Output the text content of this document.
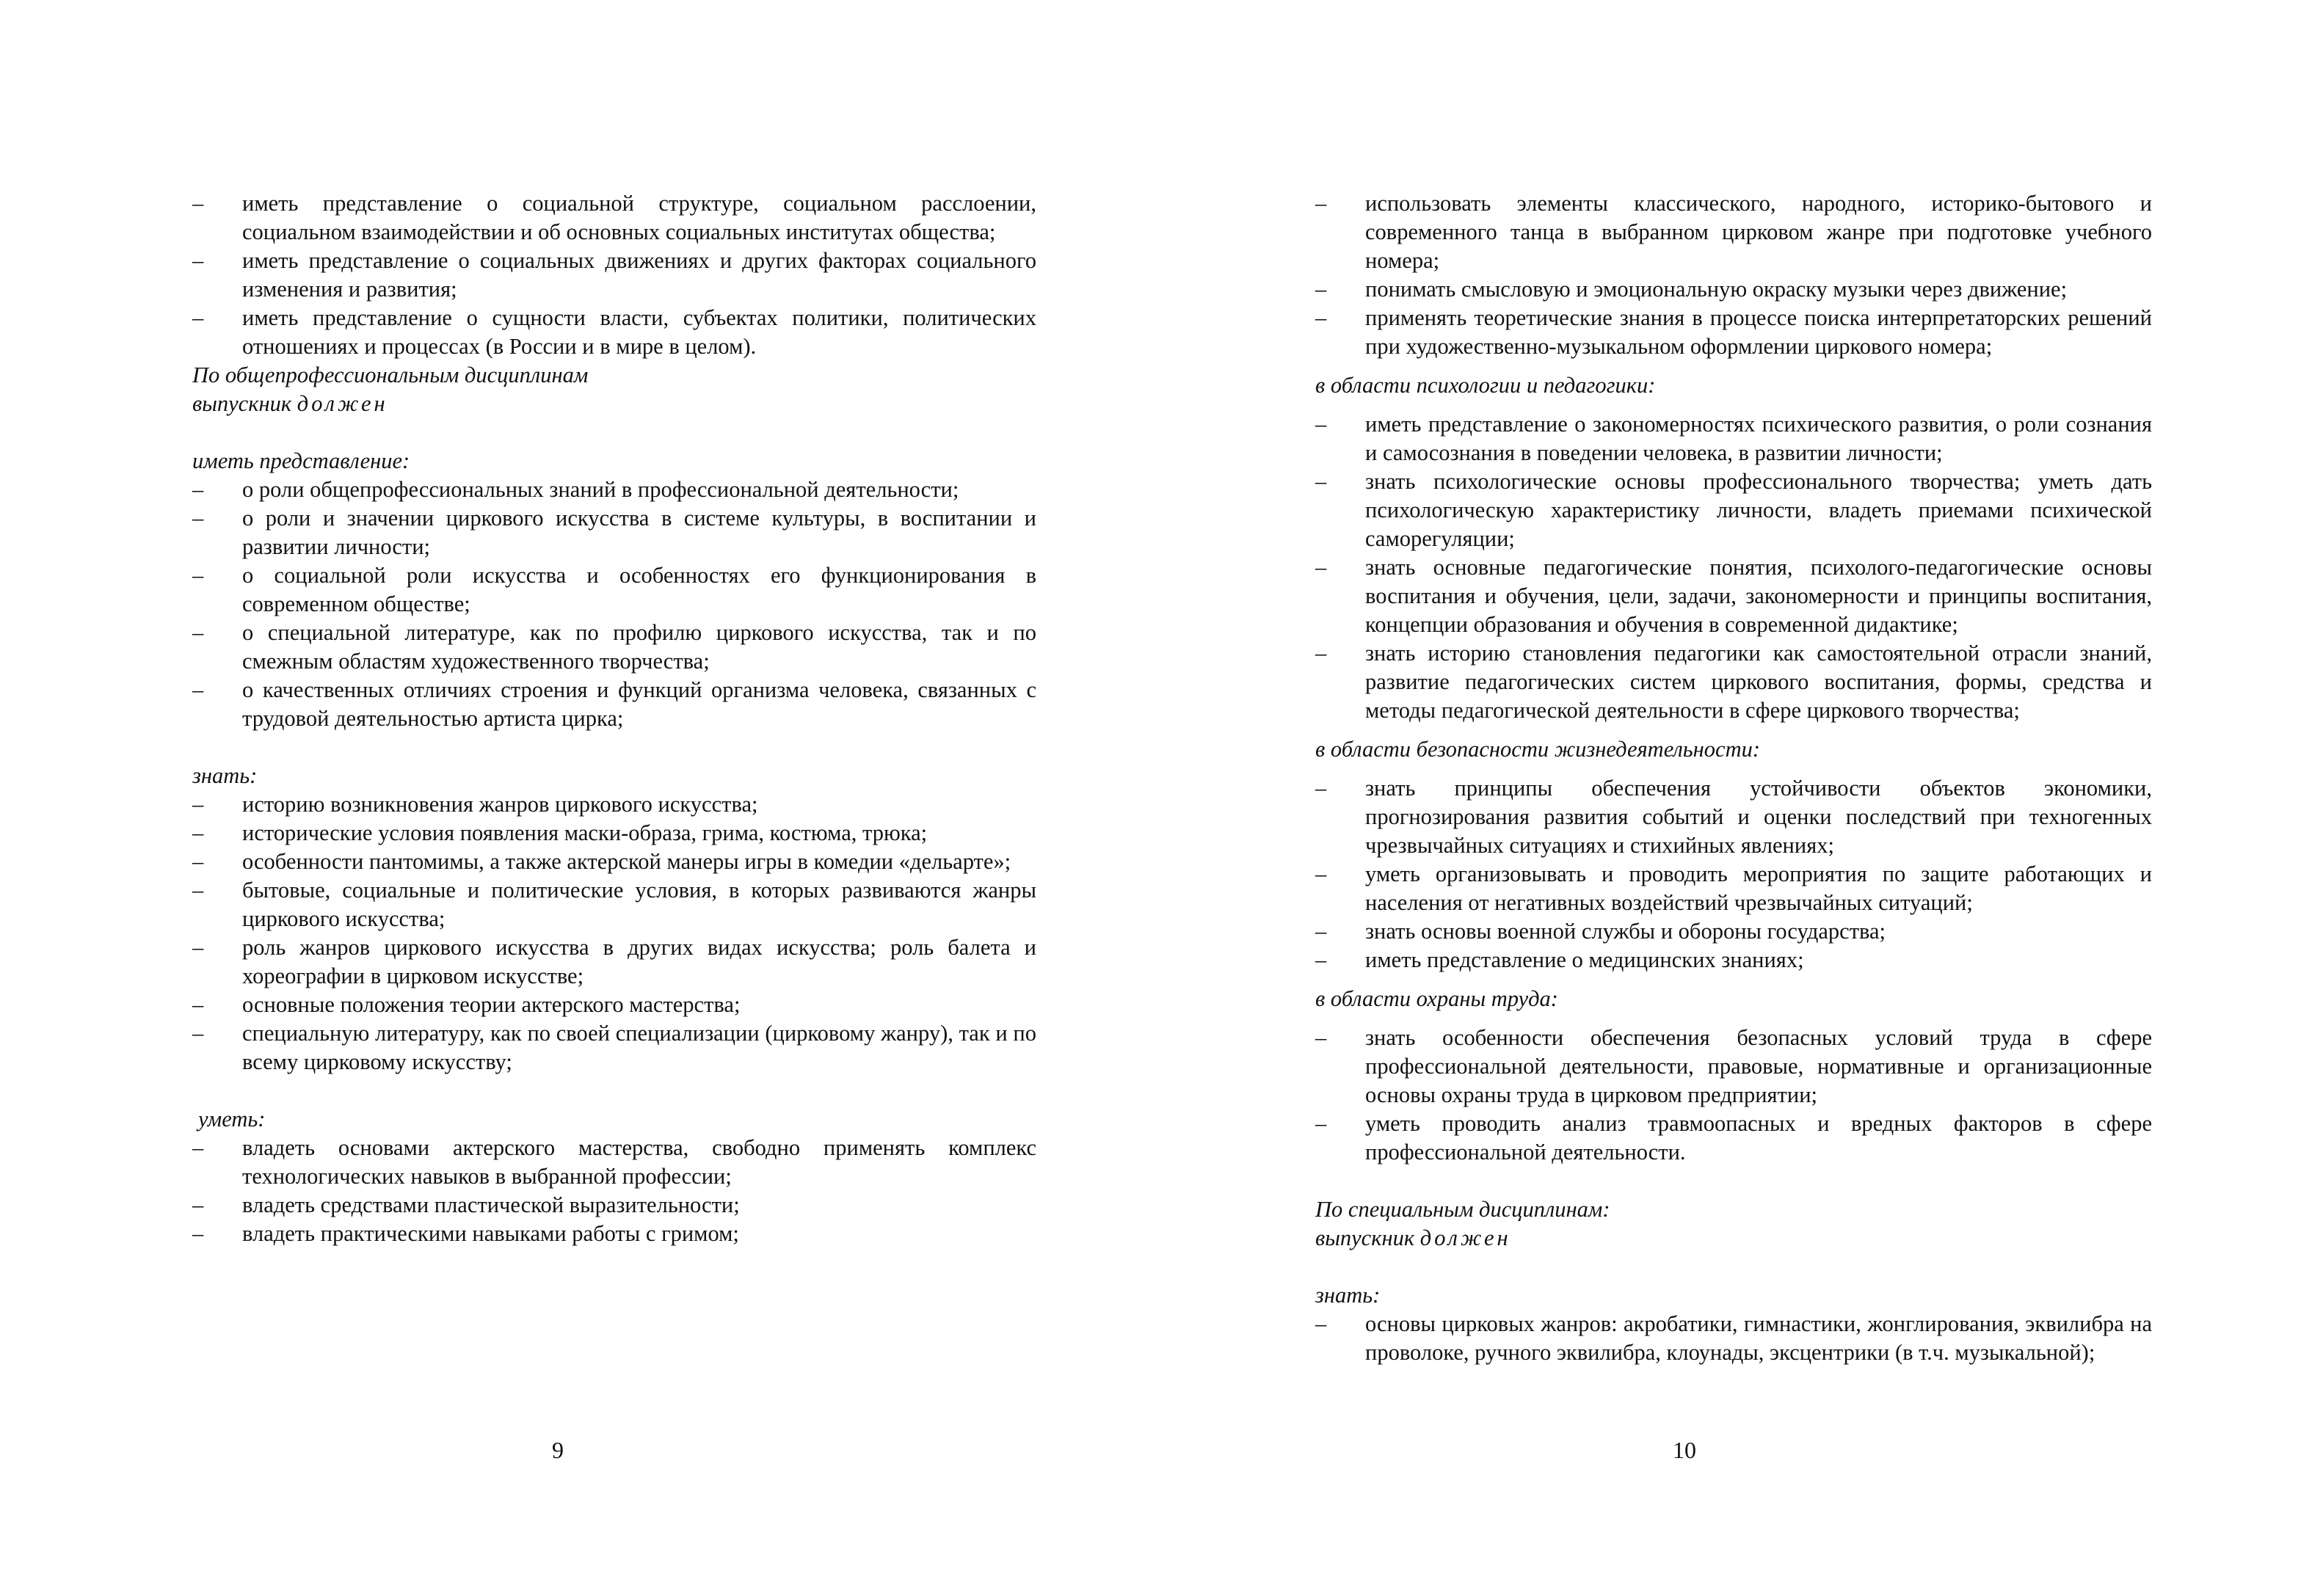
– иметь представление о социальной структуре, социальном расслоении, социальном взаимодействии и об основных социальных институтах общества;
– иметь представление о социальных движениях и других факторах социального изменения и развития;
– иметь представление о сущности власти, субъектах политики, политических отношениях и процессах (в России и в мире в целом).
По общепрофессиональным дисциплинам
выпускник должен
иметь представление:
– о роли общепрофессиональных знаний в профессиональной деятельности;
– о роли и значении циркового искусства в системе культуры, в воспитании и развитии личности;
– о социальной роли искусства и особенностях его функционирования в современном обществе;
– о специальной литературе, как по профилю циркового искусства, так и по смежным областям художественного творчества;
– о качественных отличиях строения и функций организма человека, связанных с трудовой деятельностью артиста цирка;
знать:
– историю возникновения жанров циркового искусства;
– исторические условия появления маски-образа, грима, костюма, трюка;
– особенности пантомимы, а также актерской манеры игры в комедии «дельарте»;
– бытовые, социальные и политические условия, в которых развиваются жанры циркового искусства;
– роль жанров циркового искусства в других видах искусства; роль балета и хореографии в цирковом искусстве;
– основные положения теории актерского мастерства;
– специальную литературу, как по своей специализации (цирковому жанру), так и по всему цирковому искусству;
уметь:
– владеть основами актерского мастерства, свободно применять комплекс технологических навыков в выбранной профессии;
– владеть средствами пластической выразительности;
– владеть практическими навыками работы с гримом;
9
– использовать элементы классического, народного, историко-бытового и современного танца в выбранном цирковом жанре при подготовке учебного номера;
– понимать смысловую и эмоциональную окраску музыки через движение;
– применять теоретические знания в процессе поиска интерпретаторских решений при художественно-музыкальном оформлении циркового номера;
в области психологии и педагогики:
– иметь представление о закономерностях психического развития, о роли сознания и самосознания в поведении человека, в развитии личности;
– знать психологические основы профессионального творчества; уметь дать психологическую характеристику личности, владеть приемами психической саморегуляции;
– знать основные педагогические понятия, психолого-педагогические основы воспитания и обучения, цели, задачи, закономерности и принципы воспитания, концепции образования и обучения в современной дидактике;
– знать историю становления педагогики как самостоятельной отрасли знаний, развитие педагогических систем циркового воспитания, формы, средства и методы педагогической деятельности в сфере циркового творчества;
в области безопасности жизнедеятельности:
– знать принципы обеспечения устойчивости объектов экономики, прогнозирования развития событий и оценки последствий при техногенных чрезвычайных ситуациях и стихийных явлениях;
– уметь организовывать и проводить мероприятия по защите работающих и населения от негативных воздействий чрезвычайных ситуаций;
– знать основы военной службы и обороны государства;
– иметь представление о медицинских знаниях;
в области охраны труда:
– знать особенности обеспечения безопасных условий труда в сфере профессиональной деятельности, правовые, нормативные и организационные основы охраны труда в цирковом предприятии;
– уметь проводить анализ травмоопасных и вредных факторов в сфере профессиональной деятельности.
По специальным дисциплинам:
выпускник должен
знать:
– основы цирковых жанров: акробатики, гимнастики, жонглирования, эквилибра на проволоке, ручного эквилибра, клоунады, эксцентрики (в т.ч. музыкальной);
10
